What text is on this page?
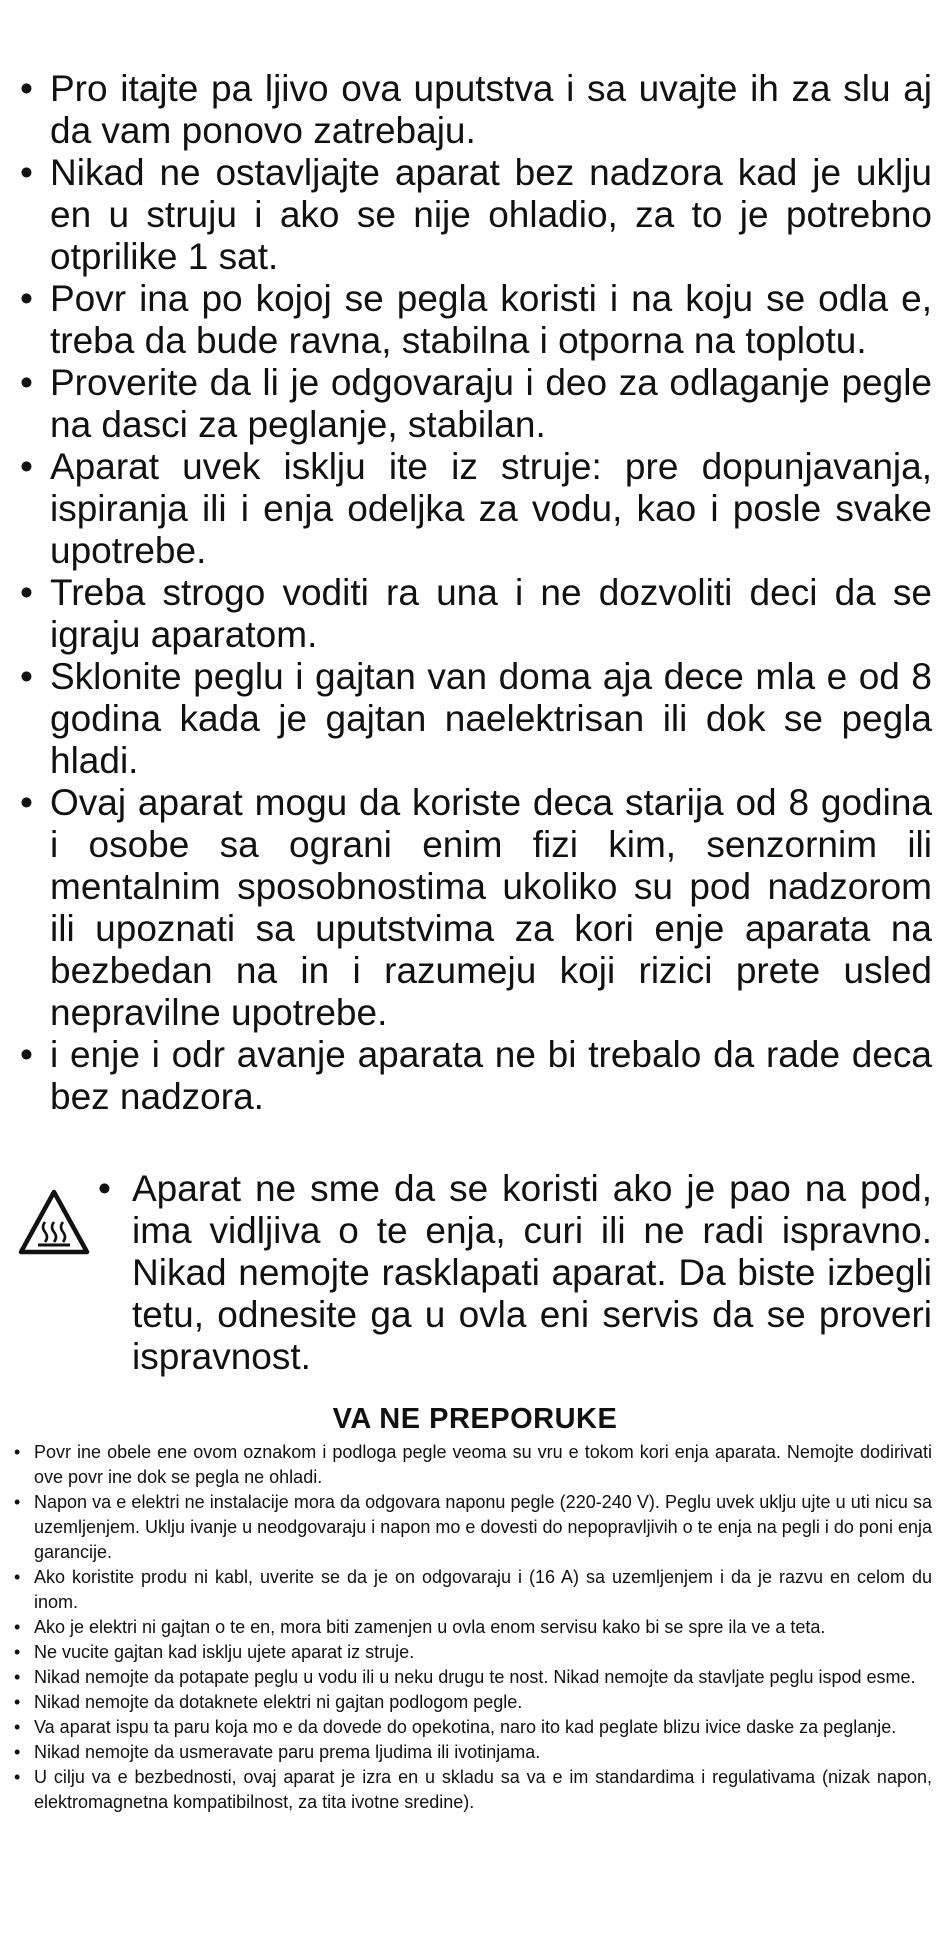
• Pro itajte pa ljivo ova uputstva i sa uvajte ih za slu aj da vam ponovo zatrebaju.
• Nikad ne ostavljajte aparat bez nadzora kad je uklju en u struju i ako se nije ohladio, za to je potrebno otprilike 1 sat.
• Povr ina po kojoj se pegla koristi i na koju se odla e, treba da bude ravna, stabilna i otporna na toplotu.
• Proverite da li je odgovaraju i deo za odlaganje pegle na dasci za peglanje, stabilan.
• Aparat uvek isklju ite iz struje: pre dopunjavanja, ispiranja ili i enja odeljka za vodu, kao i posle svake upotrebe.
• Treba strogo voditi ra una i ne dozvoliti deci da se igraju aparatom.
• Sklonite peglu i gajtan van doma aja dece mla e od 8 godina kada je gajtan naelektrisan ili dok se pegla hladi.
• Ovaj aparat mogu da koriste deca starija od 8 godina i osobe sa ograni enim fizi kim, senzornim ili mentalnim sposobnostima ukoliko su pod nadzorom ili upoznati sa uputstvima za kori enje aparata na bezbedan na in i razumeju koji rizici prete usled nepravilne upotrebe.
• i enje i odr avanje aparata ne bi trebalo da rade deca bez nadzora.
• Aparat ne sme da se koristi ako je pao na pod, ima vidljiva o te enja, curi ili ne radi ispravno. Nikad nemojte rasklapati aparat. Da biste izbegli tetu, odnesite ga u ovla eni servis da se proveri ispravnost.
VA NE PREPORUKE
• Povr ine obele ene ovom oznakom i podloga pegle veoma su vru e tokom kori enja aparata. Nemojte dodirivati ove povr ine dok se pegla ne ohladi.
• Napon va e elektri ne instalacije mora da odgovara naponu pegle (220-240 V). Peglu uvek uklju ujte u uti nicu sa uzemljenjem. Uklju ivanje u neodgovaraju i napon mo e dovesti do nepopravljivih o te enja na pegli i do poni enja garancije.
• Ako koristite produ ni kabl, uverite se da je on odgovaraju i (16 A) sa uzemljenjem i da je razvu en celom du inom.
• Ako je elektri ni gajtan o te en, mora biti zamenjen u ovla enom servisu kako bi se spre ila ve a teta.
• Ne vucite gajtan kad isklju ujete aparat iz struje.
• Nikad nemojte da potapate peglu u vodu ili u neku drugu te nost. Nikad nemojte da stavljate peglu ispod esme.
• Nikad nemojte da dotaknete elektri ni gajtan podlogom pegle.
• Va aparat ispu ta paru koja mo e da dovede do opekotina, naro ito kad peglate blizu ivice daske za peglanje.
• Nikad nemojte da usmeravate paru prema ljudima ili ivotinjama.
• U cilju va e bezbednosti, ovaj aparat je izra en u skladu sa va e im standardima i regulativama (nizak napon, elektromagnetna kompatibilnost, za tita ivotne sredine).
